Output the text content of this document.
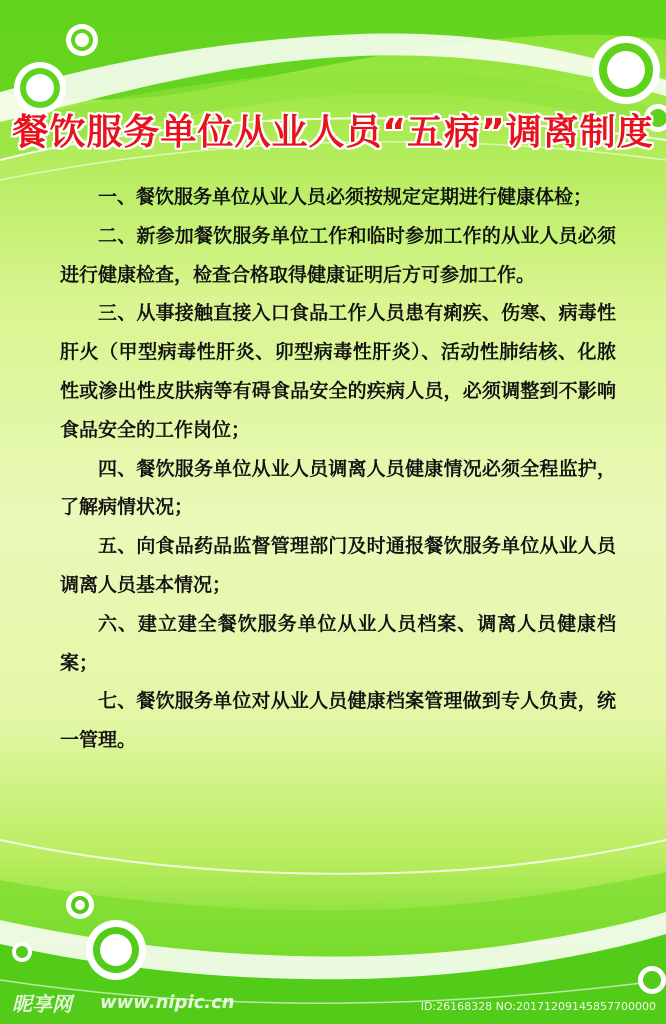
餐饮服务单位从业人员“五病”调离制度

一、餐饮服务单位从业人员必须按规定定期进行健康体检；

二、新参加餐饮服务单位工作和临时参加工作的从业人员必须进行健康检查，检查合格取得健康证明后方可参加工作。

三、从事接触直接入口食品工作人员患有痢疾、伤寒、病毒性肝火（甲型病毒性肝炎、卯型病毒性肝炎）、活动性肺结核、化脓性或渗出性皮肤病等有碍食品安全的疾病人员，必须调整到不影响食品安全的工作岗位；

四、餐饮服务单位从业人员调离人员健康情况必须全程监护，了解病情状况；

五、向食品药品监督管理部门及时通报餐饮服务单位从业人员调离人员基本情况；

六、建立建全餐饮服务单位从业人员档案、调离人员健康档案；

七、餐饮服务单位对从业人员健康档案管理做到专人负责，统一管理。

昵享网 www.nipic.cn	ID:26168328 NO:20171209145857700000
